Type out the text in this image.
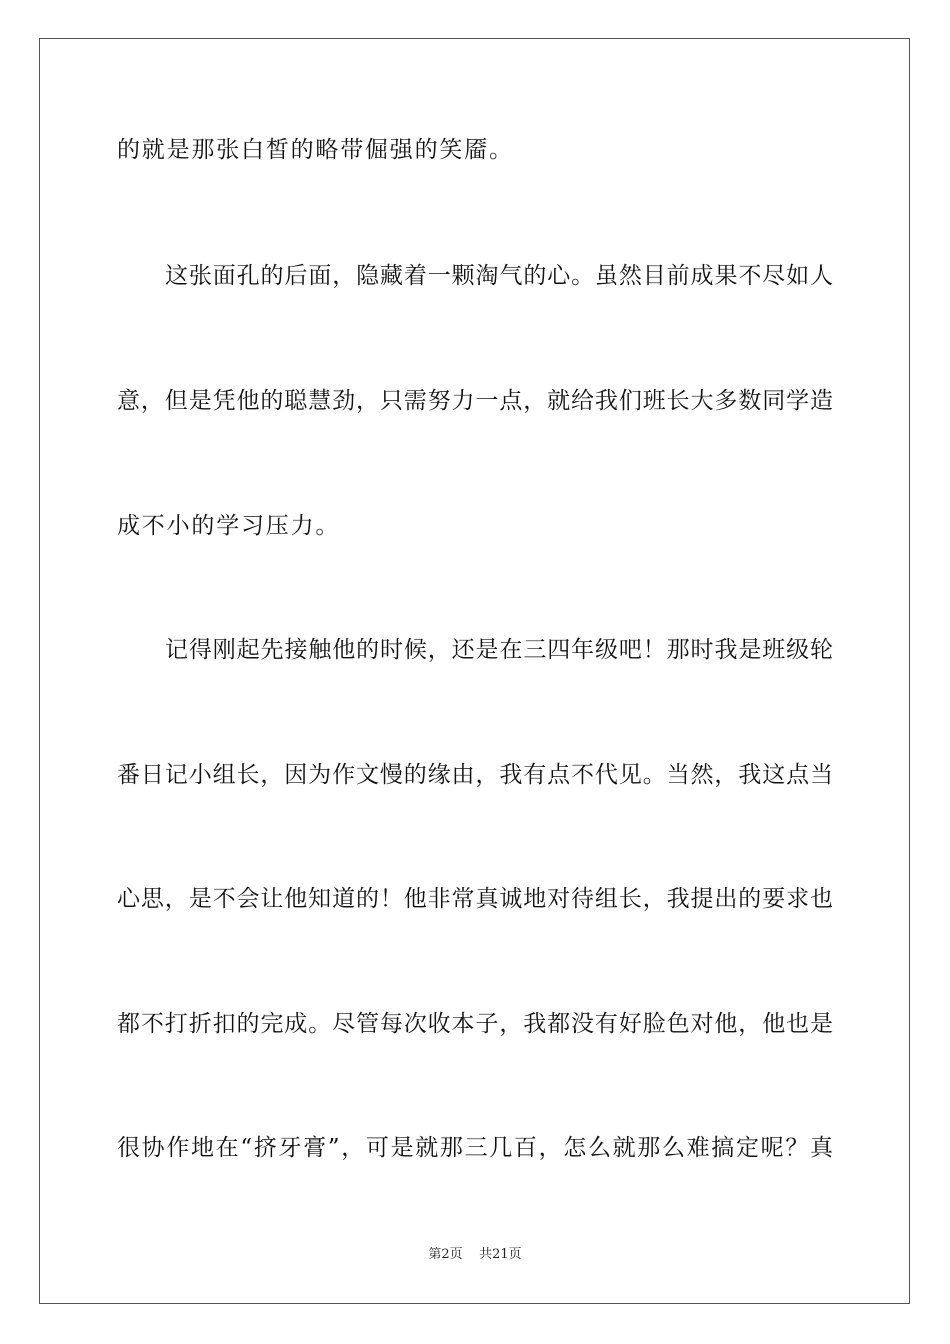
的就是那张白皙的略带倔强的笑靥。
这张面孔的后面，隐藏着一颗淘气的心。虽然目前成果不尽如人
意，但是凭他的聪慧劲，只需努力一点，就给我们班长大多数同学造
成不小的学习压力。
记得刚起先接触他的时候，还是在三四年级吧！那时我是班级轮
番日记小组长，因为作文慢的缘由，我有点不代见。当然，我这点当
心思，是不会让他知道的！他非常真诚地对待组长，我提出的要求也
都不打折扣的完成。尽管每次收本子，我都没有好脸色对他，他也是
很协作地在“挤牙膏”，可是就那三几百，怎么就那么难搞定呢？真
第2页 共21页
